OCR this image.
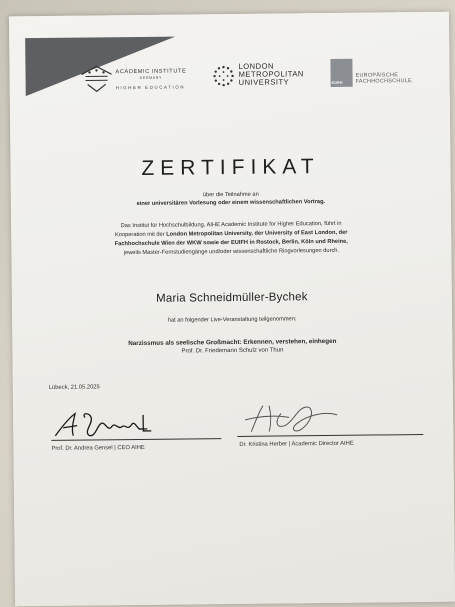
ACADEMIC INSTITUTE
GERMANY
HIGHER EDUCATION
LONDON
METROPOLITAN
UNIVERSITY	EUIFH
EUROPÄISCHE
FACHHOCHSCHULE
ZERTIFIKAT
über die Teilnahme an
einer universitären Vorlesung oder einem wissenschaftlichen Vortrag.
Das Institut für Hochschulbildung, AIHE Academic Institute for Higher Education, führt in
Kooperation mit der London Metropolitan University, der University of East London, der
Fachhochschule Wien der WKW sowie der EUIFH in Rostock, Berlin, Köln und Rheine,
jeweils Master-Fernstudiengänge und/oder wissenschaftliche Ringvorlesungen durch.
Maria Schneidmüller-Bychek
hat an folgender Live-Veranstaltung teilgenommen:
Narzissmus als seelische Großmacht: Erkennen, verstehen, einhegen
Prof. Dr. Friedemann Schulz von Thun
Lübeck, 21.05.2025
Prof. Dr. Andrea Gensel | CEO AIHE
Dr. Kristina Herber | Academic Director AIHE
